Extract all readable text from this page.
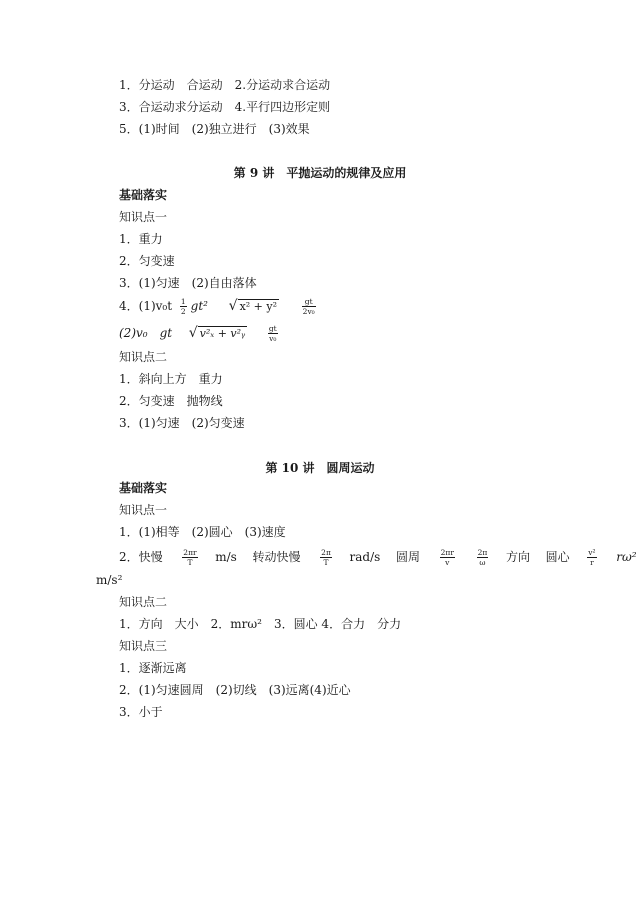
1．分运动　合运动　2.分运动求合运动
3．合运动求分运动　4.平行四边形定则
5．(1)时间　(2)独立进行　(3)效果
第 9 讲　平抛运动的规律及应用
基础落实
知识点一
1．重力
2．匀变速
3．(1)匀速　(2)自由落体
4．$(1)v_0t \frac{1}{2} gt^2$ √ x² + y²	$\frac{gt}{\text{2v₀}}$
(2)v₀　gt √ v²ₓ + v²ᵧ	$\frac{gt}{\text{v₀}}$
知识点二
1．斜向上方　重力
2．匀变速　抛物线
3．(1)匀速　(2)匀变速
第 10 讲　圆周运动
基础落实
知识点一
1．(1)相等　(2)圆心　(3)速度
2．快慢	$\frac{2\pi r}{T} m/s$ 转动快慢	$\frac{2\pi}{T} rad/s$ 圆周	$\frac{2\pi r}{v}$
	$\frac{2\pi}{\omega}$ 方向 圆心 $\frac{\text{v²}}{r} r\omega^2$
m/s²
知识点二
1．方向　大小　2．mrω²　3．圆心 4．合力　分力
知识点三
1．逐渐远离
2．(1)匀速圆周　(2)切线　(3)远离(4)近心
3．小于
